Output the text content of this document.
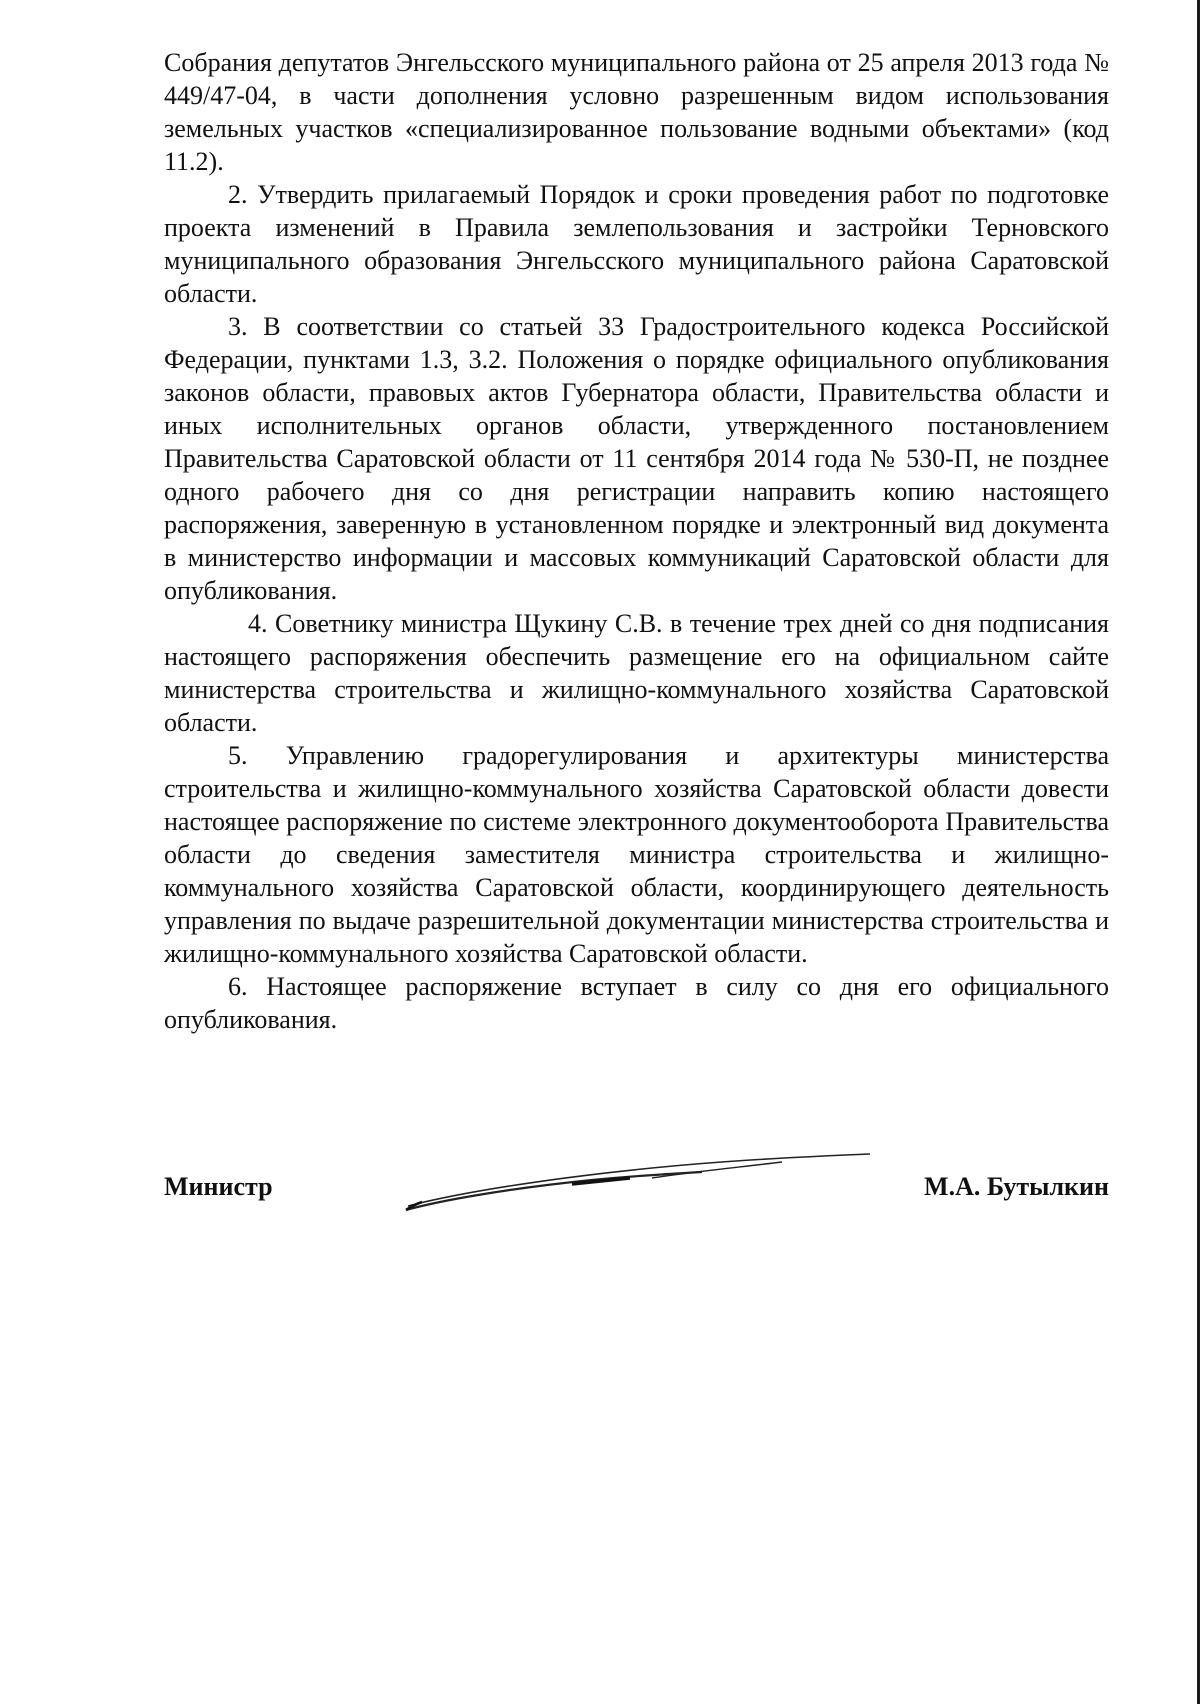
Собрания депутатов Энгельсского муниципального района от 25 апреля 2013 года № 449/47-04, в части дополнения условно разрешенным видом использования земельных участков «специализированное пользование водными объектами» (код 11.2).

2. Утвердить прилагаемый Порядок и сроки проведения работ по подготовке проекта изменений в Правила землепользования и застройки Терновского муниципального образования Энгельсского муниципального района Саратовской области.

3. В соответствии со статьей 33 Градостроительного кодекса Российской Федерации, пунктами 1.3, 3.2. Положения о порядке официального опубликования законов области, правовых актов Губернатора области, Правительства области и иных исполнительных органов области, утвержденного постановлением Правительства Саратовской области от 11 сентября 2014 года № 530-П, не позднее одного рабочего дня со дня регистрации направить копию настоящего распоряжения, заверенную в установленном порядке и электронный вид документа в министерство информации и массовых коммуникаций Саратовской области для опубликования.

4. Советнику министра Щукину С.В. в течение трех дней со дня подписания настоящего распоряжения обеспечить размещение его на официальном сайте министерства строительства и жилищно-коммунального хозяйства Саратовской области.

5. Управлению градорегулирования и архитектуры министерства строительства и жилищно-коммунального хозяйства Саратовской области довести настоящее распоряжение по системе электронного документооборота Правительства области до сведения заместителя министра строительства и жилищно-коммунального хозяйства Саратовской области, координирующего деятельность управления по выдаче разрешительной документации министерства строительства и жилищно-коммунального хозяйства Саратовской области.

6. Настоящее распоряжение вступает в силу со дня его официального опубликования.

Министр	М.А. Бутылкин
